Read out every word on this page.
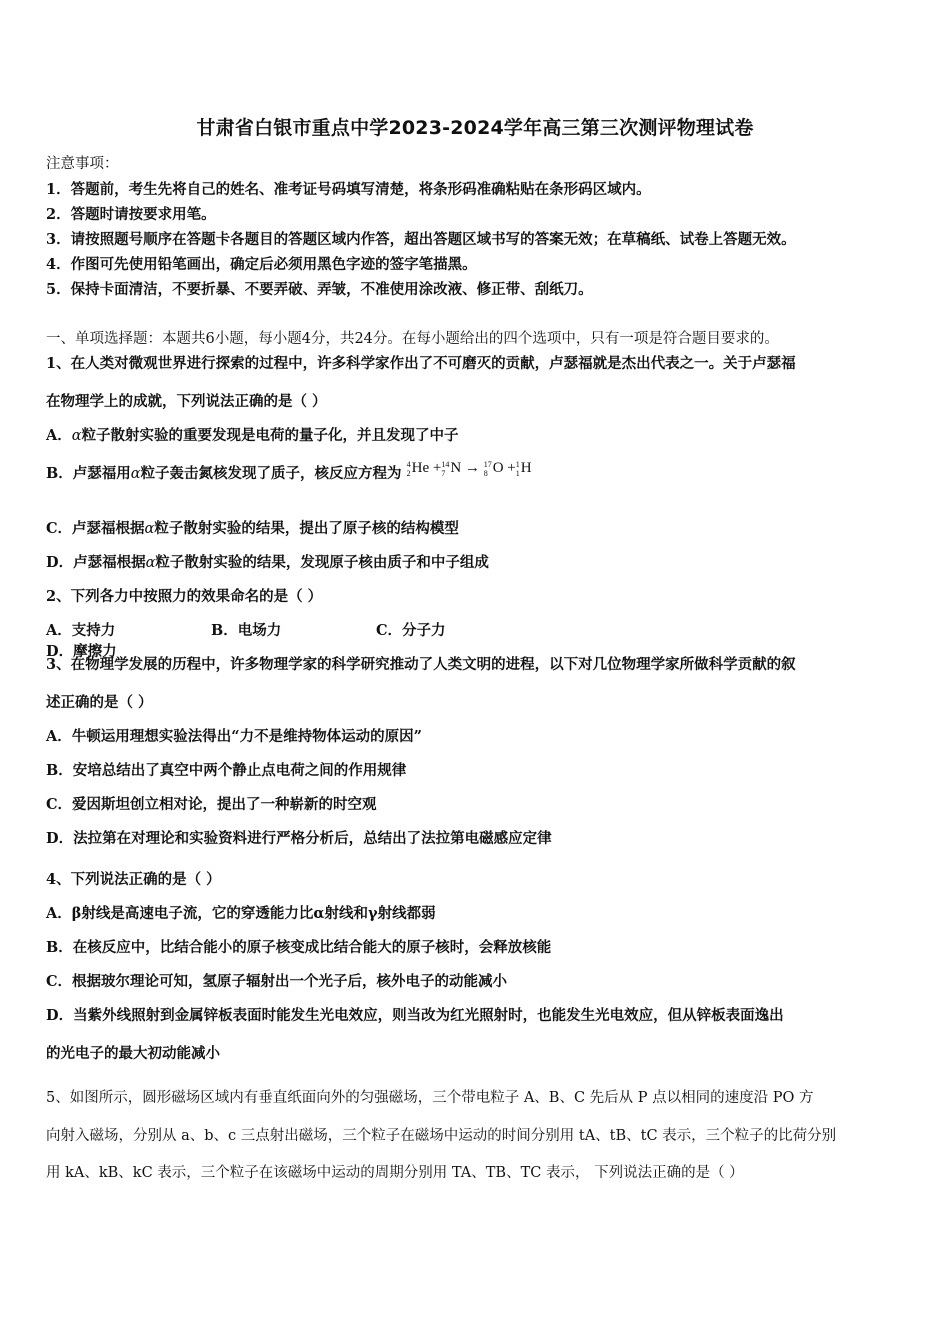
甘肃省白银市重点中学2023-2024学年高三第三次测评物理试卷
注意事项：
1．答题前，考生先将自己的姓名、准考证号码填写清楚，将条形码准确粘贴在条形码区域内。
2．答题时请按要求用笔。
3．请按照题号顺序在答题卡各题目的答题区域内作答，超出答题区域书写的答案无效；在草稿纸、试卷上答题无效。
4．作图可先使用铅笔画出，确定后必须用黑色字迹的签字笔描黑。
5．保持卡面清洁，不要折暴、不要弄破、弄皱，不准使用涂改液、修正带、刮纸刀。
一、单项选择题：本题共6小题，每小题4分，共24分。在每小题给出的四个选项中，只有一项是符合题目要求的。
1、在人类对微观世界进行探索的过程中，许多科学家作出了不可磨灭的贡献，卢瑟福就是杰出代表之一。关于卢瑟福
在物理学上的成就，下列说法正确的是（ ）
A．α粒子散射实验的重要发现是电荷的量子化，并且发现了中子
B．卢瑟福用α粒子轰击氮核发现了质子，核反应方程为
4
2 He + 14
7 N → 17
8 O + 1
1 H
C．卢瑟福根据α粒子散射实验的结果，提出了原子核的结构模型
D．卢瑟福根据α粒子散射实验的结果，发现原子核由质子和中子组成
2、下列各力中按照力的效果命名的是（ ）
A．支持力	B．电场力	C．分子力D．摩擦力
3、在物理学发展的历程中，许多物理学家的科学研究推动了人类文明的进程，以下对几位物理学家所做科学贡献的叙
述正确的是（ ）
A．牛顿运用理想实验法得出“力不是维持物体运动的原因”
B．安培总结出了真空中两个静止点电荷之间的作用规律
C．爱因斯坦创立相对论，提出了一种崭新的时空观
D．法拉第在对理论和实验资料进行严格分析后，总结出了法拉第电磁感应定律
4、下列说法正确的是（ ）
A．β射线是高速电子流，它的穿透能力比α射线和γ射线都弱
B．在核反应中，比结合能小的原子核变成比结合能大的原子核时，会释放核能
C．根据玻尔理论可知，氢原子辐射出一个光子后，核外电子的动能减小
D．当紫外线照射到金属锌板表面时能发生光电效应，则当改为红光照射时，也能发生光电效应，但从锌板表面逸出
的光电子的最大初动能减小
5、如图所示，圆形磁场区域内有垂直纸面向外的匀强磁场，三个带电粒子 A、B、C 先后从 P 点以相同的速度沿 PO 方
向射入磁场，分别从 a、b、c 三点射出磁场，三个粒子在磁场中运动的时间分别用 tA、tB、tC 表示，三个粒子的比荷分别
用 kA、kB、kC 表示，三个粒子在该磁场中运动的周期分别用 TA、TB、TC 表示， 下列说法正确的是（ ）
